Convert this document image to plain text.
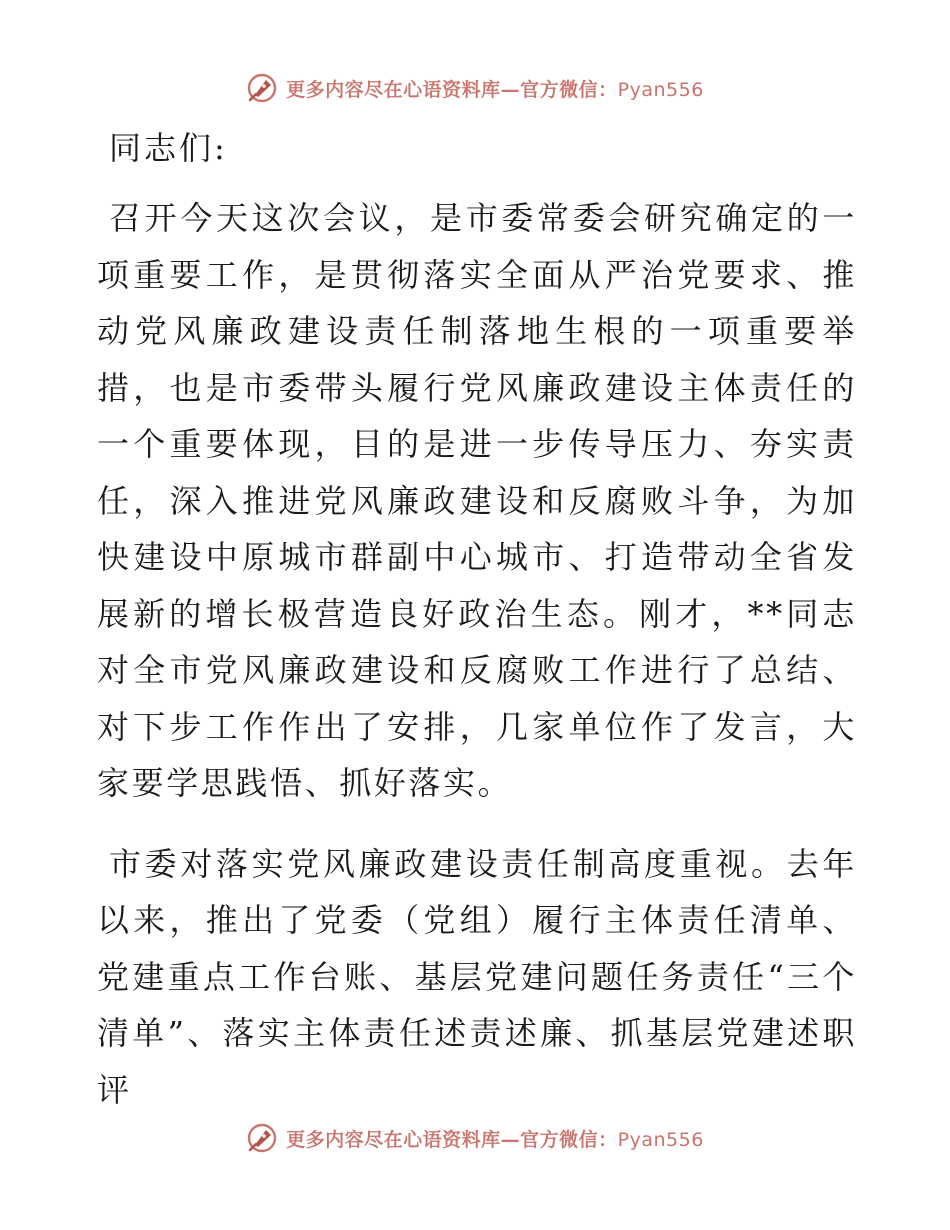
更多内容尽在心语资料库—官方微信：Pyan556
同志们:

召开今天这次会议，是市委常委会研究确定的一项重要工作，是贯彻落实全面从严治党要求、推动党风廉政建设责任制落地生根的一项重要举措，也是市委带头履行党风廉政建设主体责任的一个重要体现，目的是进一步传导压力、夯实责任，深入推进党风廉政建设和反腐败斗争，为加快建设中原城市群副中心城市、打造带动全省发展新的增长极营造良好政治生态。刚才，**同志对全市党风廉政建设和反腐败工作进行了总结、对下步工作作出了安排，几家单位作了发言，大家要学思践悟、抓好落实。

市委对落实党风廉政建设责任制高度重视。去年以来，推出了党委（党组）履行主体责任清单、党建重点工作台账、基层党建问题任务责任“三个清单”、落实主体责任述责述廉、抓基层党建述职评

更多内容尽在心语资料库—官方微信：Pyan556
